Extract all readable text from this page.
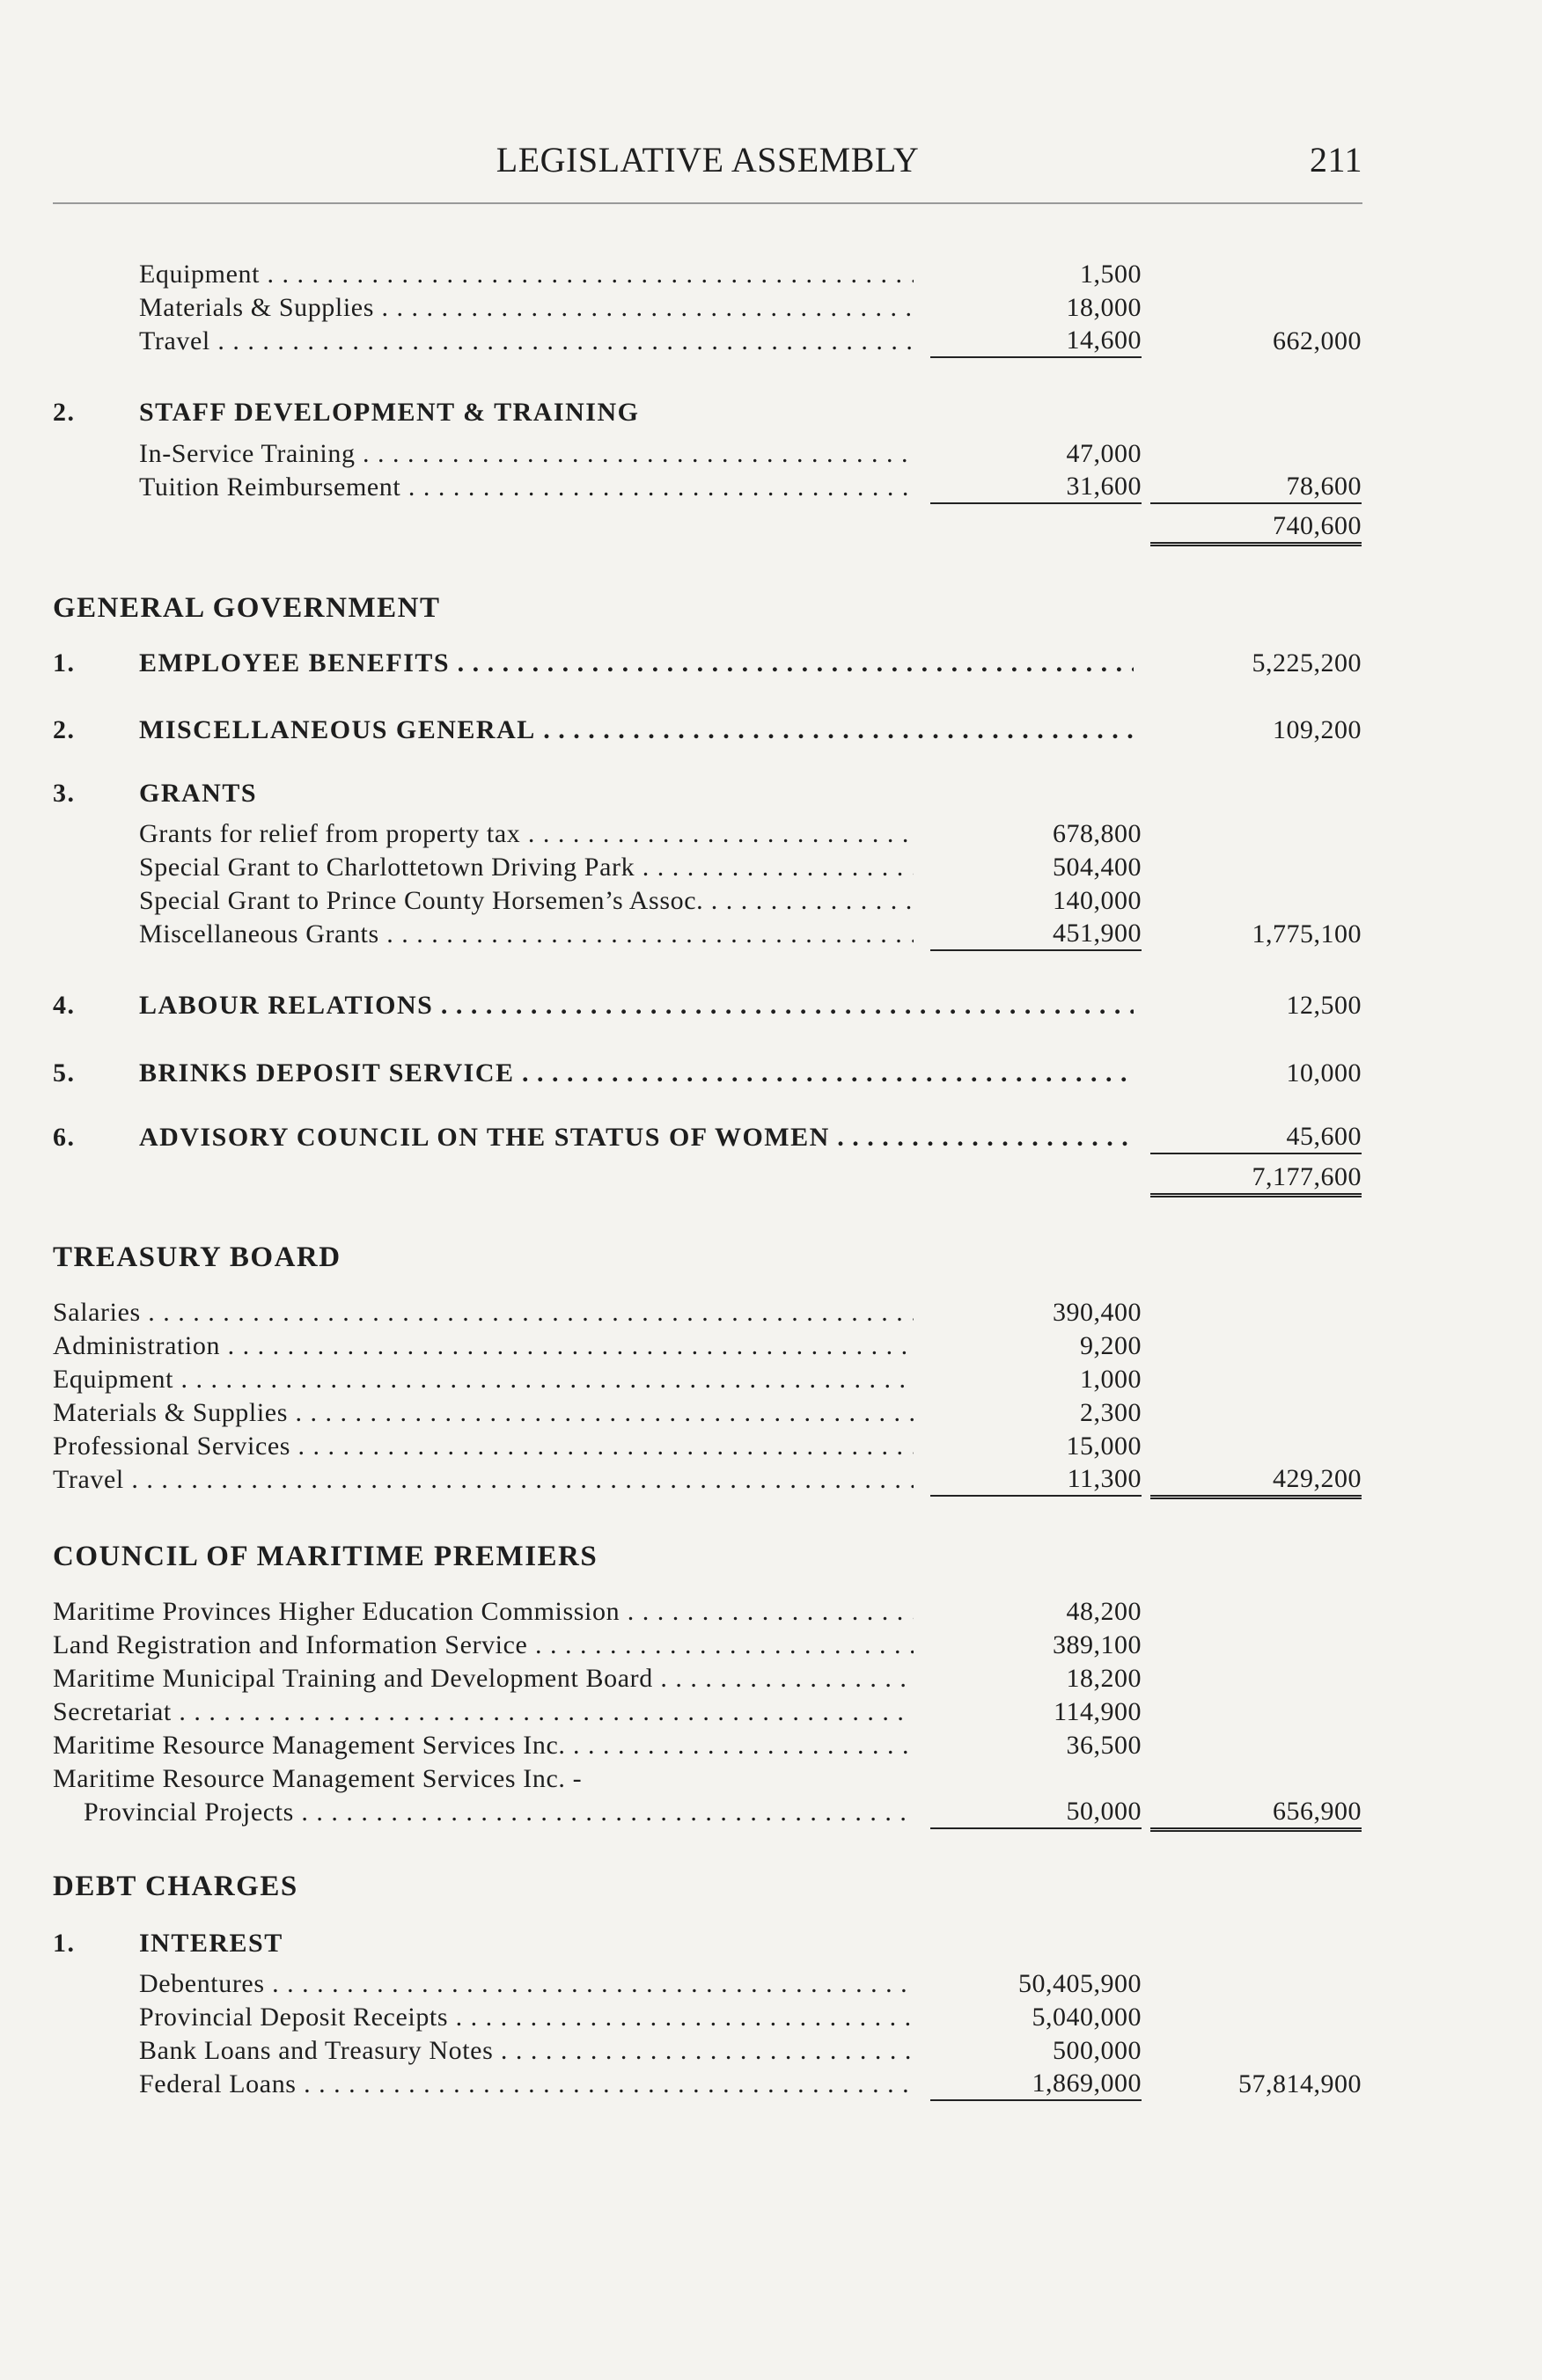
LEGISLATIVE ASSEMBLY	211
Equipment . . .	1,500
Materials & Supplies . . .	18,000
Travel . . .	14,600	662,000
2. STAFF DEVELOPMENT & TRAINING
In-Service Training . . .	47,000
Tuition Reimbursement . . .	31,600	78,600
740,600
GENERAL GOVERNMENT
1. EMPLOYEE BENEFITS . . .	5,225,200
2. MISCELLANEOUS GENERAL . . .	109,200
3. GRANTS
Grants for relief from property tax . . .	678,800
Special Grant to Charlottetown Driving Park . . .	504,400
Special Grant to Prince County Horsemen’s Assoc. . . .	140,000
Miscellaneous Grants . . .	451,900	1,775,100
4. LABOUR RELATIONS . . .	12,500
5. BRINKS DEPOSIT SERVICE . . .	10,000
6. ADVISORY COUNCIL ON THE STATUS OF WOMEN . . .	45,600
7,177,600
TREASURY BOARD
Salaries . . .	390,400
Administration . . .	9,200
Equipment . . .	1,000
Materials & Supplies . . .	2,300
Professional Services . . .	15,000
Travel . . .	11,300	429,200
COUNCIL OF MARITIME PREMIERS
Maritime Provinces Higher Education Commission . . .	48,200
Land Registration and Information Service . . .	389,100
Maritime Municipal Training and Development Board . . .	18,200
Secretariat . . .	114,900
Maritime Resource Management Services Inc. . . .	36,500
Maritime Resource Management Services Inc. -
Provincial Projects . . .	50,000	656,900
DEBT CHARGES
1. INTEREST
Debentures . . .	50,405,900
Provincial Deposit Receipts . . .	5,040,000
Bank Loans and Treasury Notes . . .	500,000
Federal Loans . . .	1,869,000	57,814,900
